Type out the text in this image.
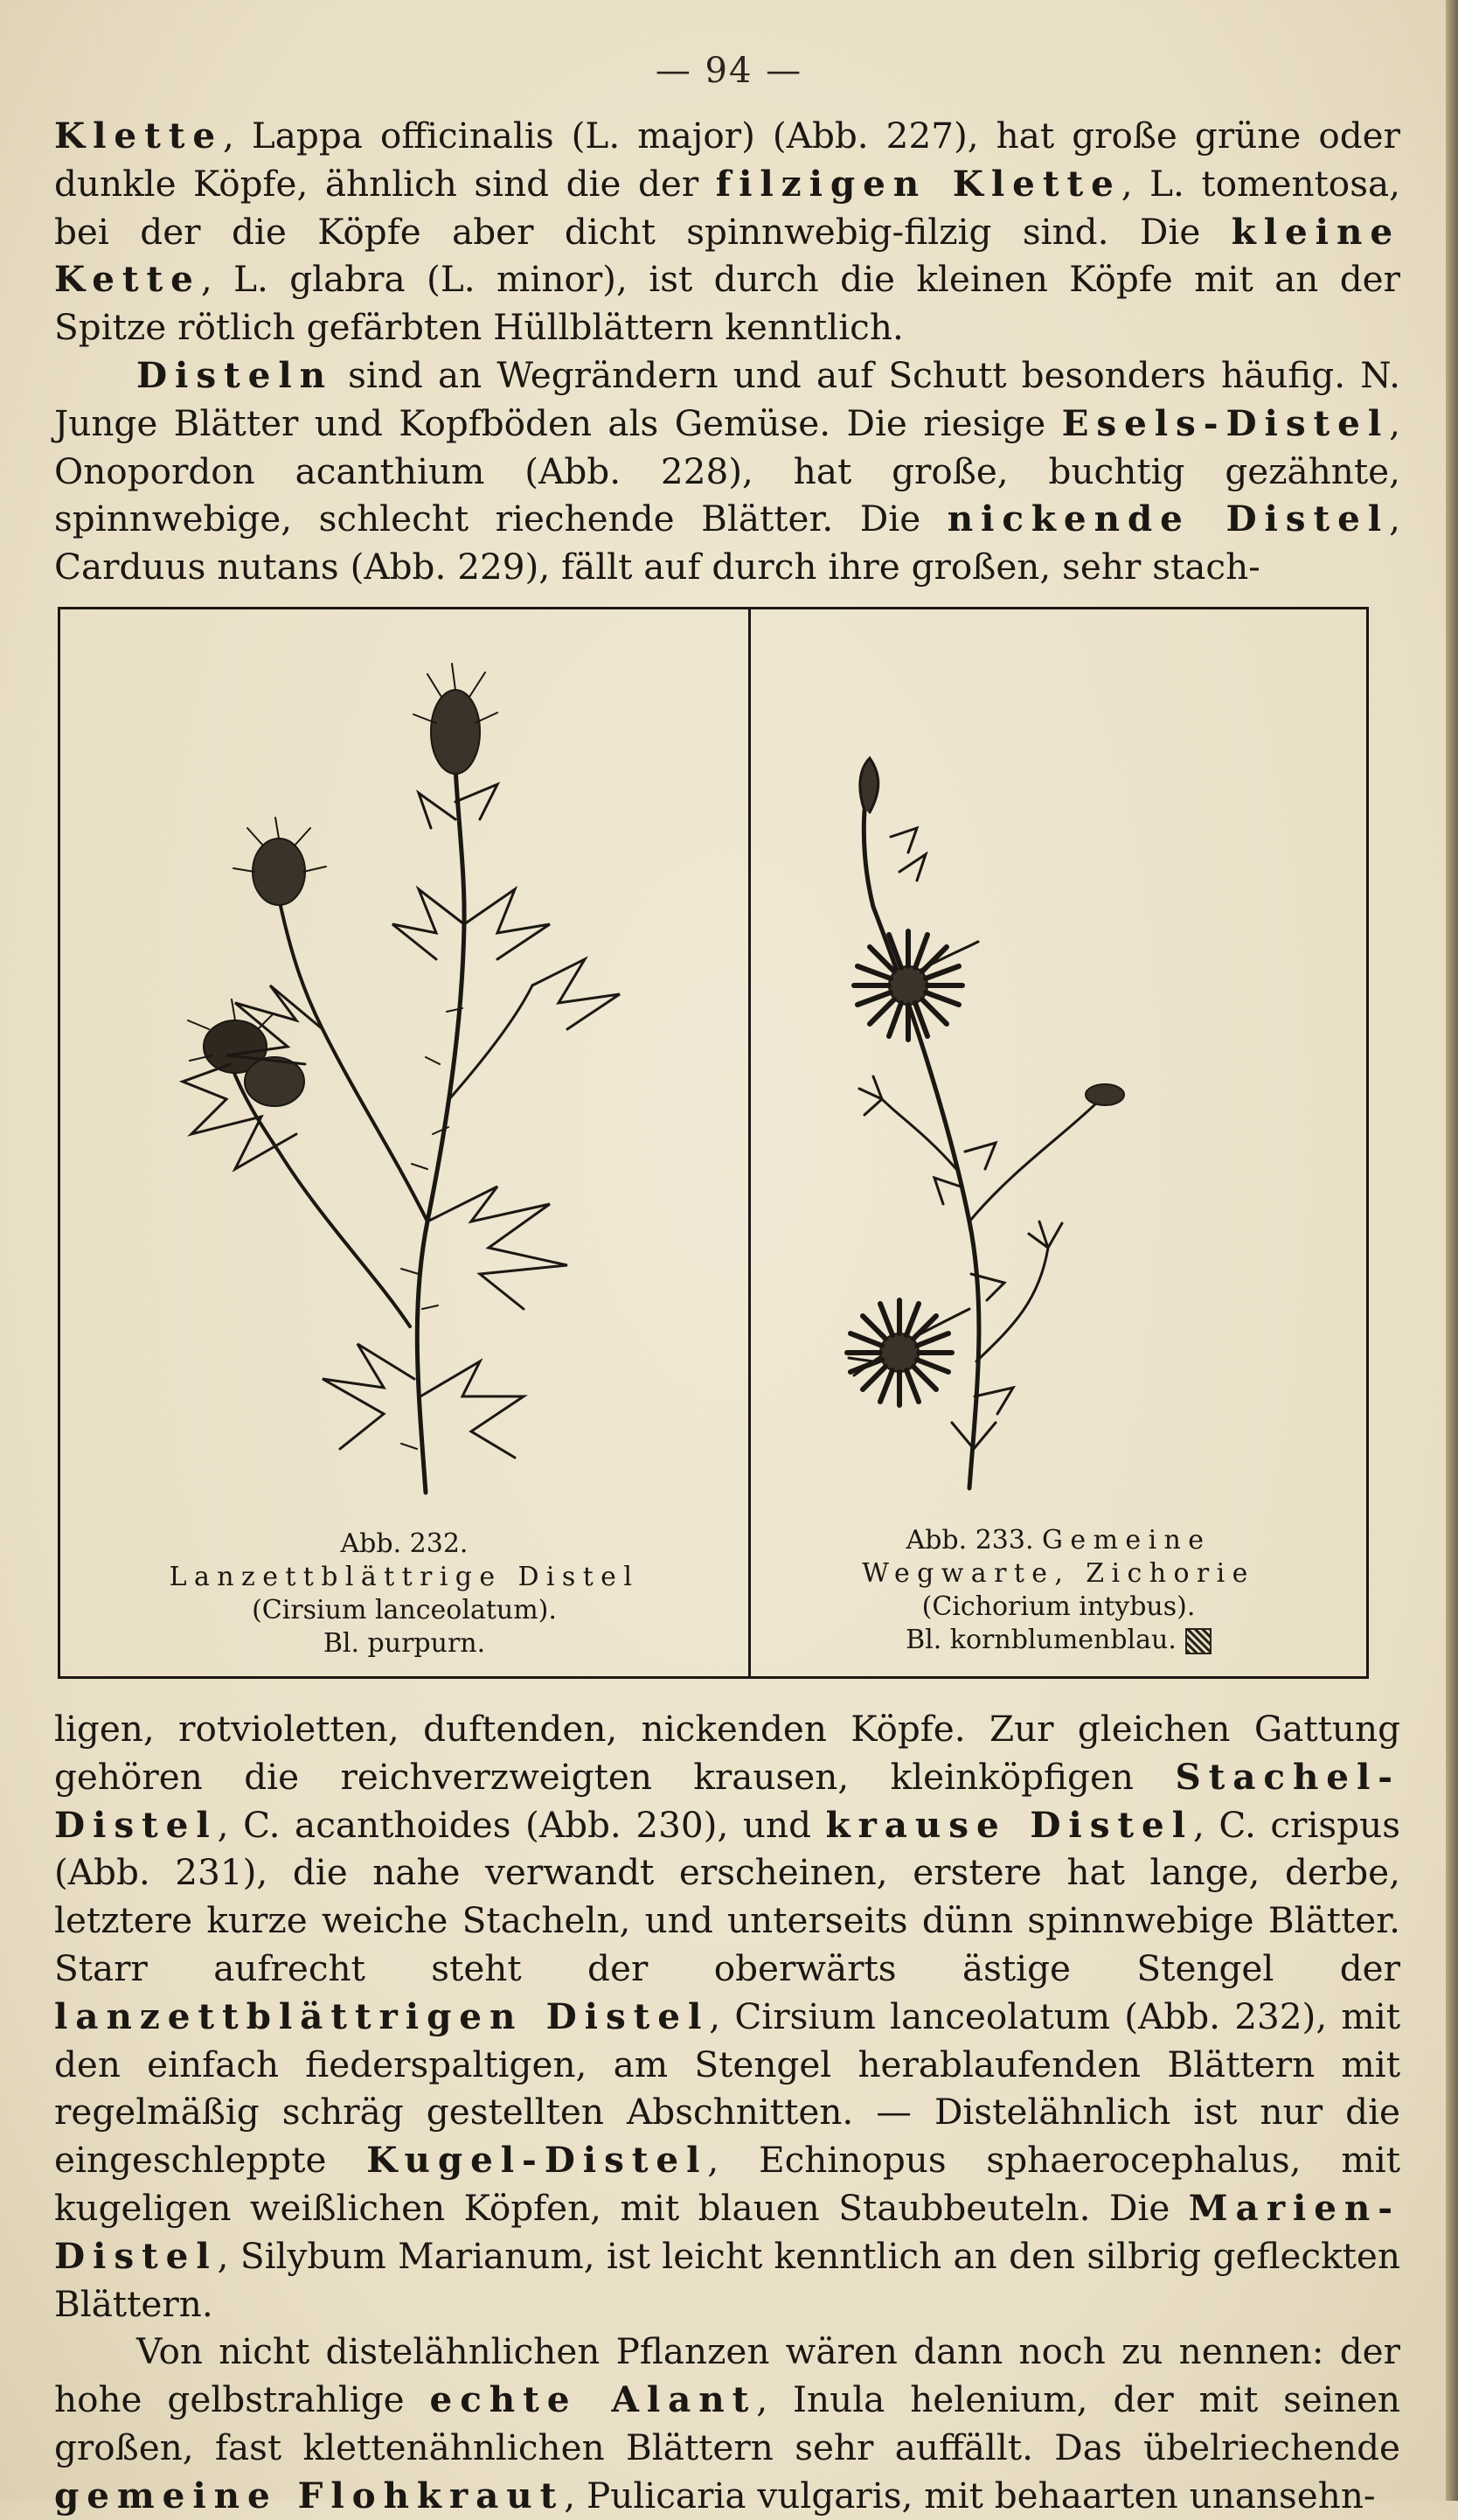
— 94 —

Klette, Lappa officinalis (L. major) (Abb. 227), hat große grüne oder dunkle Köpfe, ähnlich sind die der filzigen Klette, L. tomentosa, bei der die Köpfe aber dicht spinnwebig-filzig sind. Die kleine Kette, L. glabra (L. minor), ist durch die kleinen Köpfe mit an der Spitze rötlich gefärbten Hüllblättern kenntlich.

Disteln sind an Wegrändern und auf Schutt besonders häufig. N. Junge Blätter und Kopfböden als Gemüse. Die riesige Esels-Distel, Onopordon acanthium (Abb. 228), hat große, buchtig gezähnte, spinnwebige, schlecht riechende Blätter. Die nickende Distel, Carduus nutans (Abb. 229), fällt auf durch ihre großen, sehr stach-

Abb. 232.
Lanzettblättrige Distel
(Cirsium lanceolatum).
Bl. purpurn.
Abb. 233. Gemeine
Wegwarte, Zichorie
(Cichorium intybus).
Bl. kornblumenblau.

ligen, rotvioletten, duftenden, nickenden Köpfe. Zur gleichen Gattung gehören die reichverzweigten krausen, kleinköpfigen Stachel-Distel, C. acanthoides (Abb. 230), und krause Distel, C. crispus (Abb. 231), die nahe verwandt erscheinen, erstere hat lange, derbe, letztere kurze weiche Stacheln, und unterseits dünn spinnwebige Blätter. Starr aufrecht steht der oberwärts ästige Stengel der lanzettblättrigen Distel, Cirsium lanceolatum (Abb. 232), mit den einfach fiederspaltigen, am Stengel herablaufenden Blättern mit regelmäßig schräg gestellten Abschnitten. — Distelähnlich ist nur die eingeschleppte Kugel-Distel, Echinopus sphaerocephalus, mit kugeligen weißlichen Köpfen, mit blauen Staubbeuteln. Die Marien-Distel, Silybum Marianum, ist leicht kenntlich an den silbrig gefleckten Blättern.

Von nicht distelähnlichen Pflanzen wären dann noch zu nennen: der hohe gelbstrahlige echte Alant, Inula helenium, der mit seinen großen, fast klettenähnlichen Blättern sehr auffällt. Das übelriechende gemeine Flohkraut, Pulicaria vulgaris, mit behaarten unansehn-
